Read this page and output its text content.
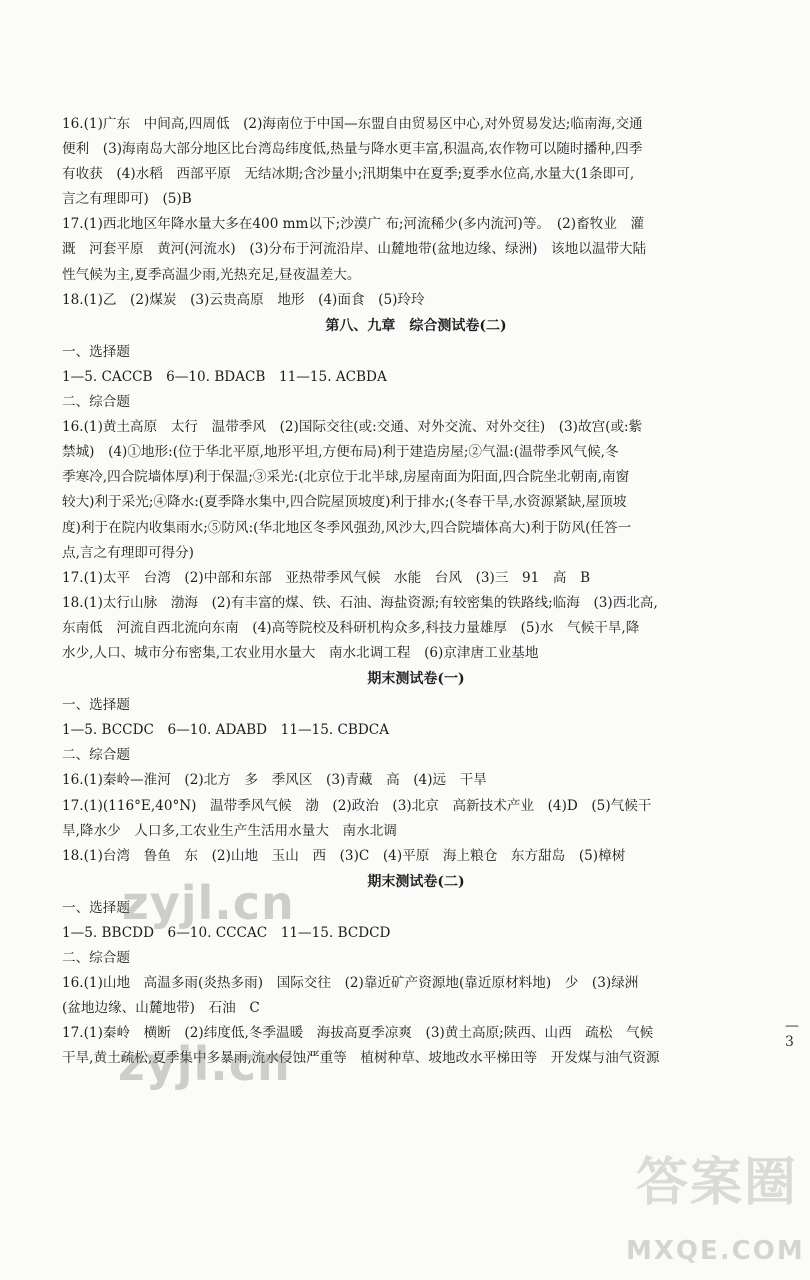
16.(1)广东　中间高,四周低　(2)海南位于中国—东盟自由贸易区中心,对外贸易发达;临南海,交通

便利　(3)海南岛大部分地区比台湾岛纬度低,热量与降水更丰富,积温高,农作物可以随时播种,四季

有收获　(4)水稻　西部平原　无结冰期;含沙量小;汛期集中在夏季;夏季水位高,水量大(1条即可,

言之有理即可)　(5)B

17.(1)西北地区年降水量大多在400 mm以下;沙漠广 布;河流稀少(多内流河)等。　(2)畜牧业　灌

溉　河套平原　黄河(河流水)　(3)分布于河流沿岸、山麓地带(盆地边缘、绿洲)　该地以温带大陆

性气候为主,夏季高温少雨,光热充足,昼夜温差大。

18.(1)乙　(2)煤炭　(3)云贵高原　地形　(4)面食　(5)玲玲

第八、九章　综合测试卷(二)

一、选择题

1—5. CACCB　6—10. BDACB　11—15. ACBDA

二、综合题

16.(1)黄土高原　太行　温带季风　(2)国际交往(或:交通、对外交流、对外交往)　(3)故宫(或:紫

禁城)　(4)①地形:(位于华北平原,地形平坦,方便布局)利于建造房屋;②气温:(温带季风气候,冬

季寒冷,四合院墙体厚)利于保温;③采光:(北京位于北半球,房屋南面为阳面,四合院坐北朝南,南窗

较大)利于采光;④降水:(夏季降水集中,四合院屋顶坡度)利于排水;(冬春干旱,水资源紧缺,屋顶坡

度)利于在院内收集雨水;⑤防风:(华北地区冬季风强劲,风沙大,四合院墙体高大)利于防风(任答一

点,言之有理即可得分)

17.(1)太平　台湾　(2)中部和东部　亚热带季风气候　水能　台风　(3)三　91　高　B

18.(1)太行山脉　渤海　(2)有丰富的煤、铁、石油、海盐资源;有较密集的铁路线;临海　(3)西北高,

东南低　河流自西北流向东南　(4)高等院校及科研机构众多,科技力量雄厚　(5)水　气候干旱,降

水少,人口、城市分布密集,工农业用水量大　南水北调工程　(6)京津唐工业基地

期末测试卷(一)

一、选择题

1—5. BCCDC　6—10. ADABD　11—15. CBDCA

二、综合题

16.(1)秦岭—淮河　(2)北方　多　季风区　(3)青藏　高　(4)远　干旱

17.(1)(116°E,40°N)　温带季风气候　渤　(2)政治　(3)北京　高新技术产业　(4)D　(5)气候干

旱,降水少　人口多,工农业生产生活用水量大　南水北调

18.(1)台湾　鲁鱼　东　(2)山地　玉山　西　(3)C　(4)平原　海上粮仓　东方甜岛　(5)樟树

期末测试卷(二)

一、选择题

1—5. BBCDD　6—10. CCCAC　11—15. BCDCD

二、综合题

16.(1)山地　高温多雨(炎热多雨)　国际交往　(2)靠近矿产资源地(靠近原材料地)　少　(3)绿洲

(盆地边缘、山麓地带)　石油　C

17.(1)秦岭　横断　(2)纬度低,冬季温暖　海拔高夏季凉爽　(3)黄土高原;陕西、山西　疏松　气候

干旱,黄土疏松,夏季集中多暴雨,流水侵蚀严重等　植树种草、坡地改水平梯田等　开发煤与油气资源

— 3
zyjl.cn
zyjl.cn
答案圈
MXQE.COM
